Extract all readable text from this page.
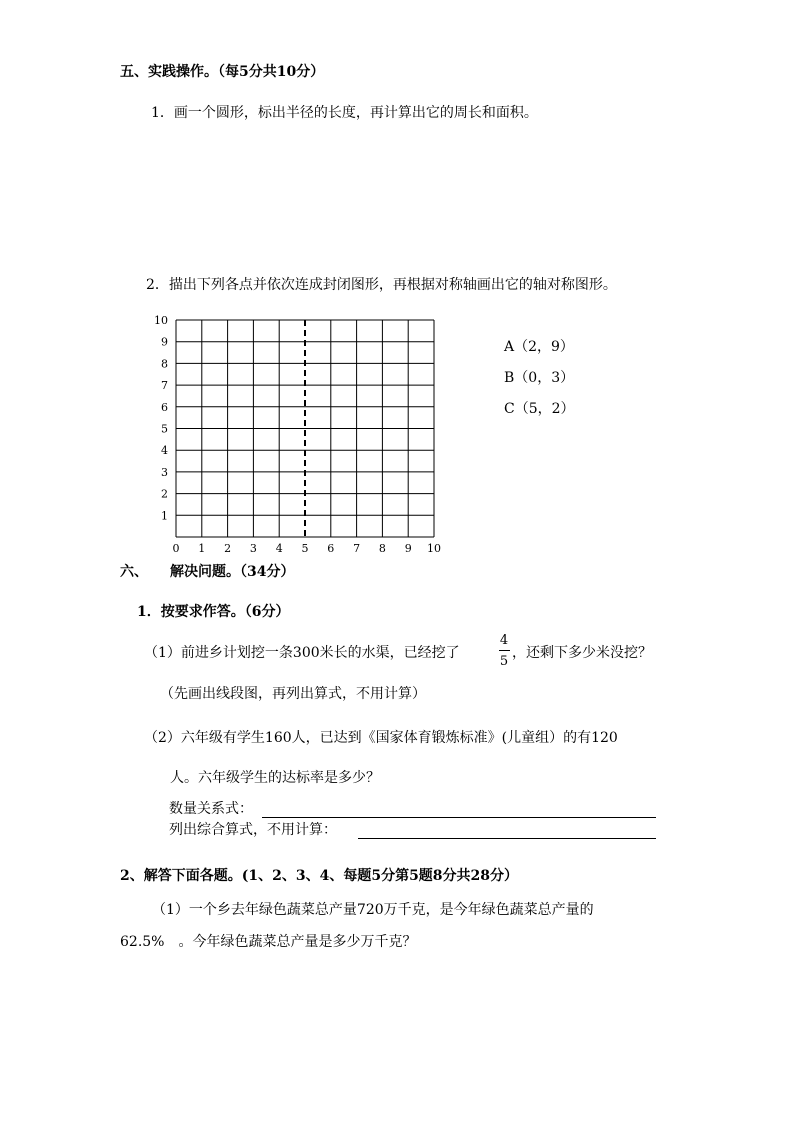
五、实践操作。（每5分共10分）
1．画一个圆形，标出半径的长度，再计算出它的周长和面积。
2．描出下列各点并依次连成封闭图形，再根据对称轴画出它的轴对称图形。
0 1 2 3 4 5 6 7 8 9 10
1
2
3
4
5
6
7
8
9
10
A（2，9）
B（0，3）
C（5，2）
六、 解决问题。（34分）
1．按要求作答。（6分）
（1）前进乡计划挖一条300米长的水渠，已经挖了
4
5
，还剩下多少米没挖？
（先画出线段图，再列出算式，不用计算）
（2）六年级有学生160人，已达到《国家体育锻炼标准》(儿童组）的有120
人。六年级学生的达标率是多少？
数量关系式：
列出综合算式，不用计算：
2、解答下面各题。(1、2、3、4、每题5分第5题8分共28分）
（1）一个乡去年绿色蔬菜总产量720万千克，是今年绿色蔬菜总产量的
62.5%　。今年绿色蔬菜总产量是多少万千克？
